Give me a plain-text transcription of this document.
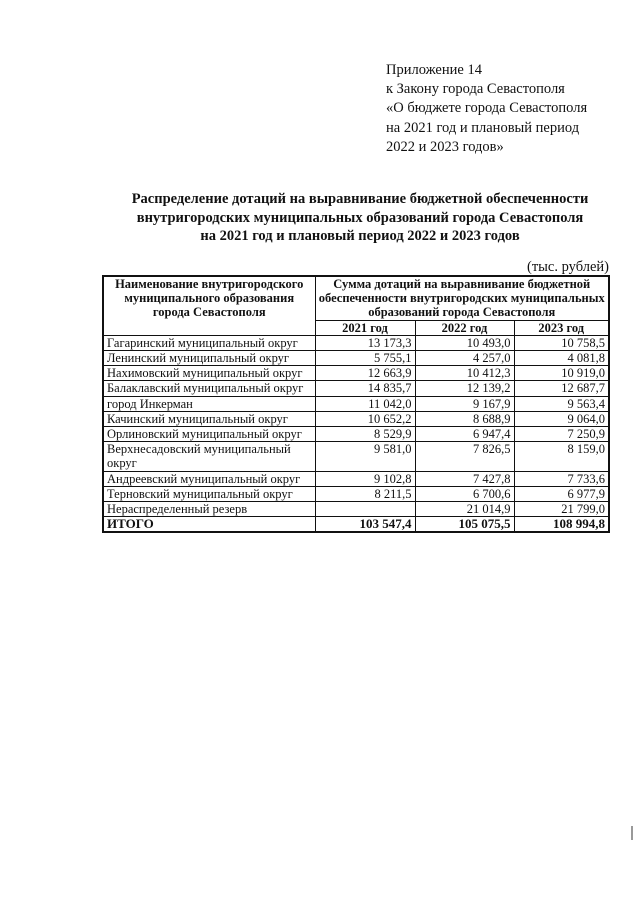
Приложение 14
к Закону города Севастополя
«О бюджете города Севастополя
на 2021 год и плановый период
2022 и 2023 годов»
Распределение дотаций на выравнивание бюджетной обеспеченности
внутригородских муниципальных образований города Севастополя
на 2021 год и плановый период 2022 и 2023 годов
(тыс. рублей)
Наименование внутригородского муниципального образования города Севастополя	Сумма дотаций на выравнивание бюджетной обеспеченности внутригородских муниципальных образований города Севастополя		
	2021 год	2022 год	2023 год
Гагаринский муниципальный округ	13 173,3	10 493,0	10 758,5
Ленинский муниципальный округ	5 755,1	4 257,0	4 081,8
Нахимовский муниципальный округ	12 663,9	10 412,3	10 919,0
Балаклавский муниципальный округ	14 835,7	12 139,2	12 687,7
город Инкерман	11 042,0	9 167,9	9 563,4
Качинский муниципальный округ	10 652,2	8 688,9	9 064,0
Орлиновский муниципальный округ	8 529,9	6 947,4	7 250,9
Верхнесадовский муниципальный округ	9 581,0	7 826,5	8 159,0
Андреевский муниципальный округ	9 102,8	7 427,8	7 733,6
Терновский муниципальный округ	8 211,5	6 700,6	6 977,9
Нераспределенный резерв		21 014,9	21 799,0
ИТОГО	103 547,4	105 075,5	108 994,8
